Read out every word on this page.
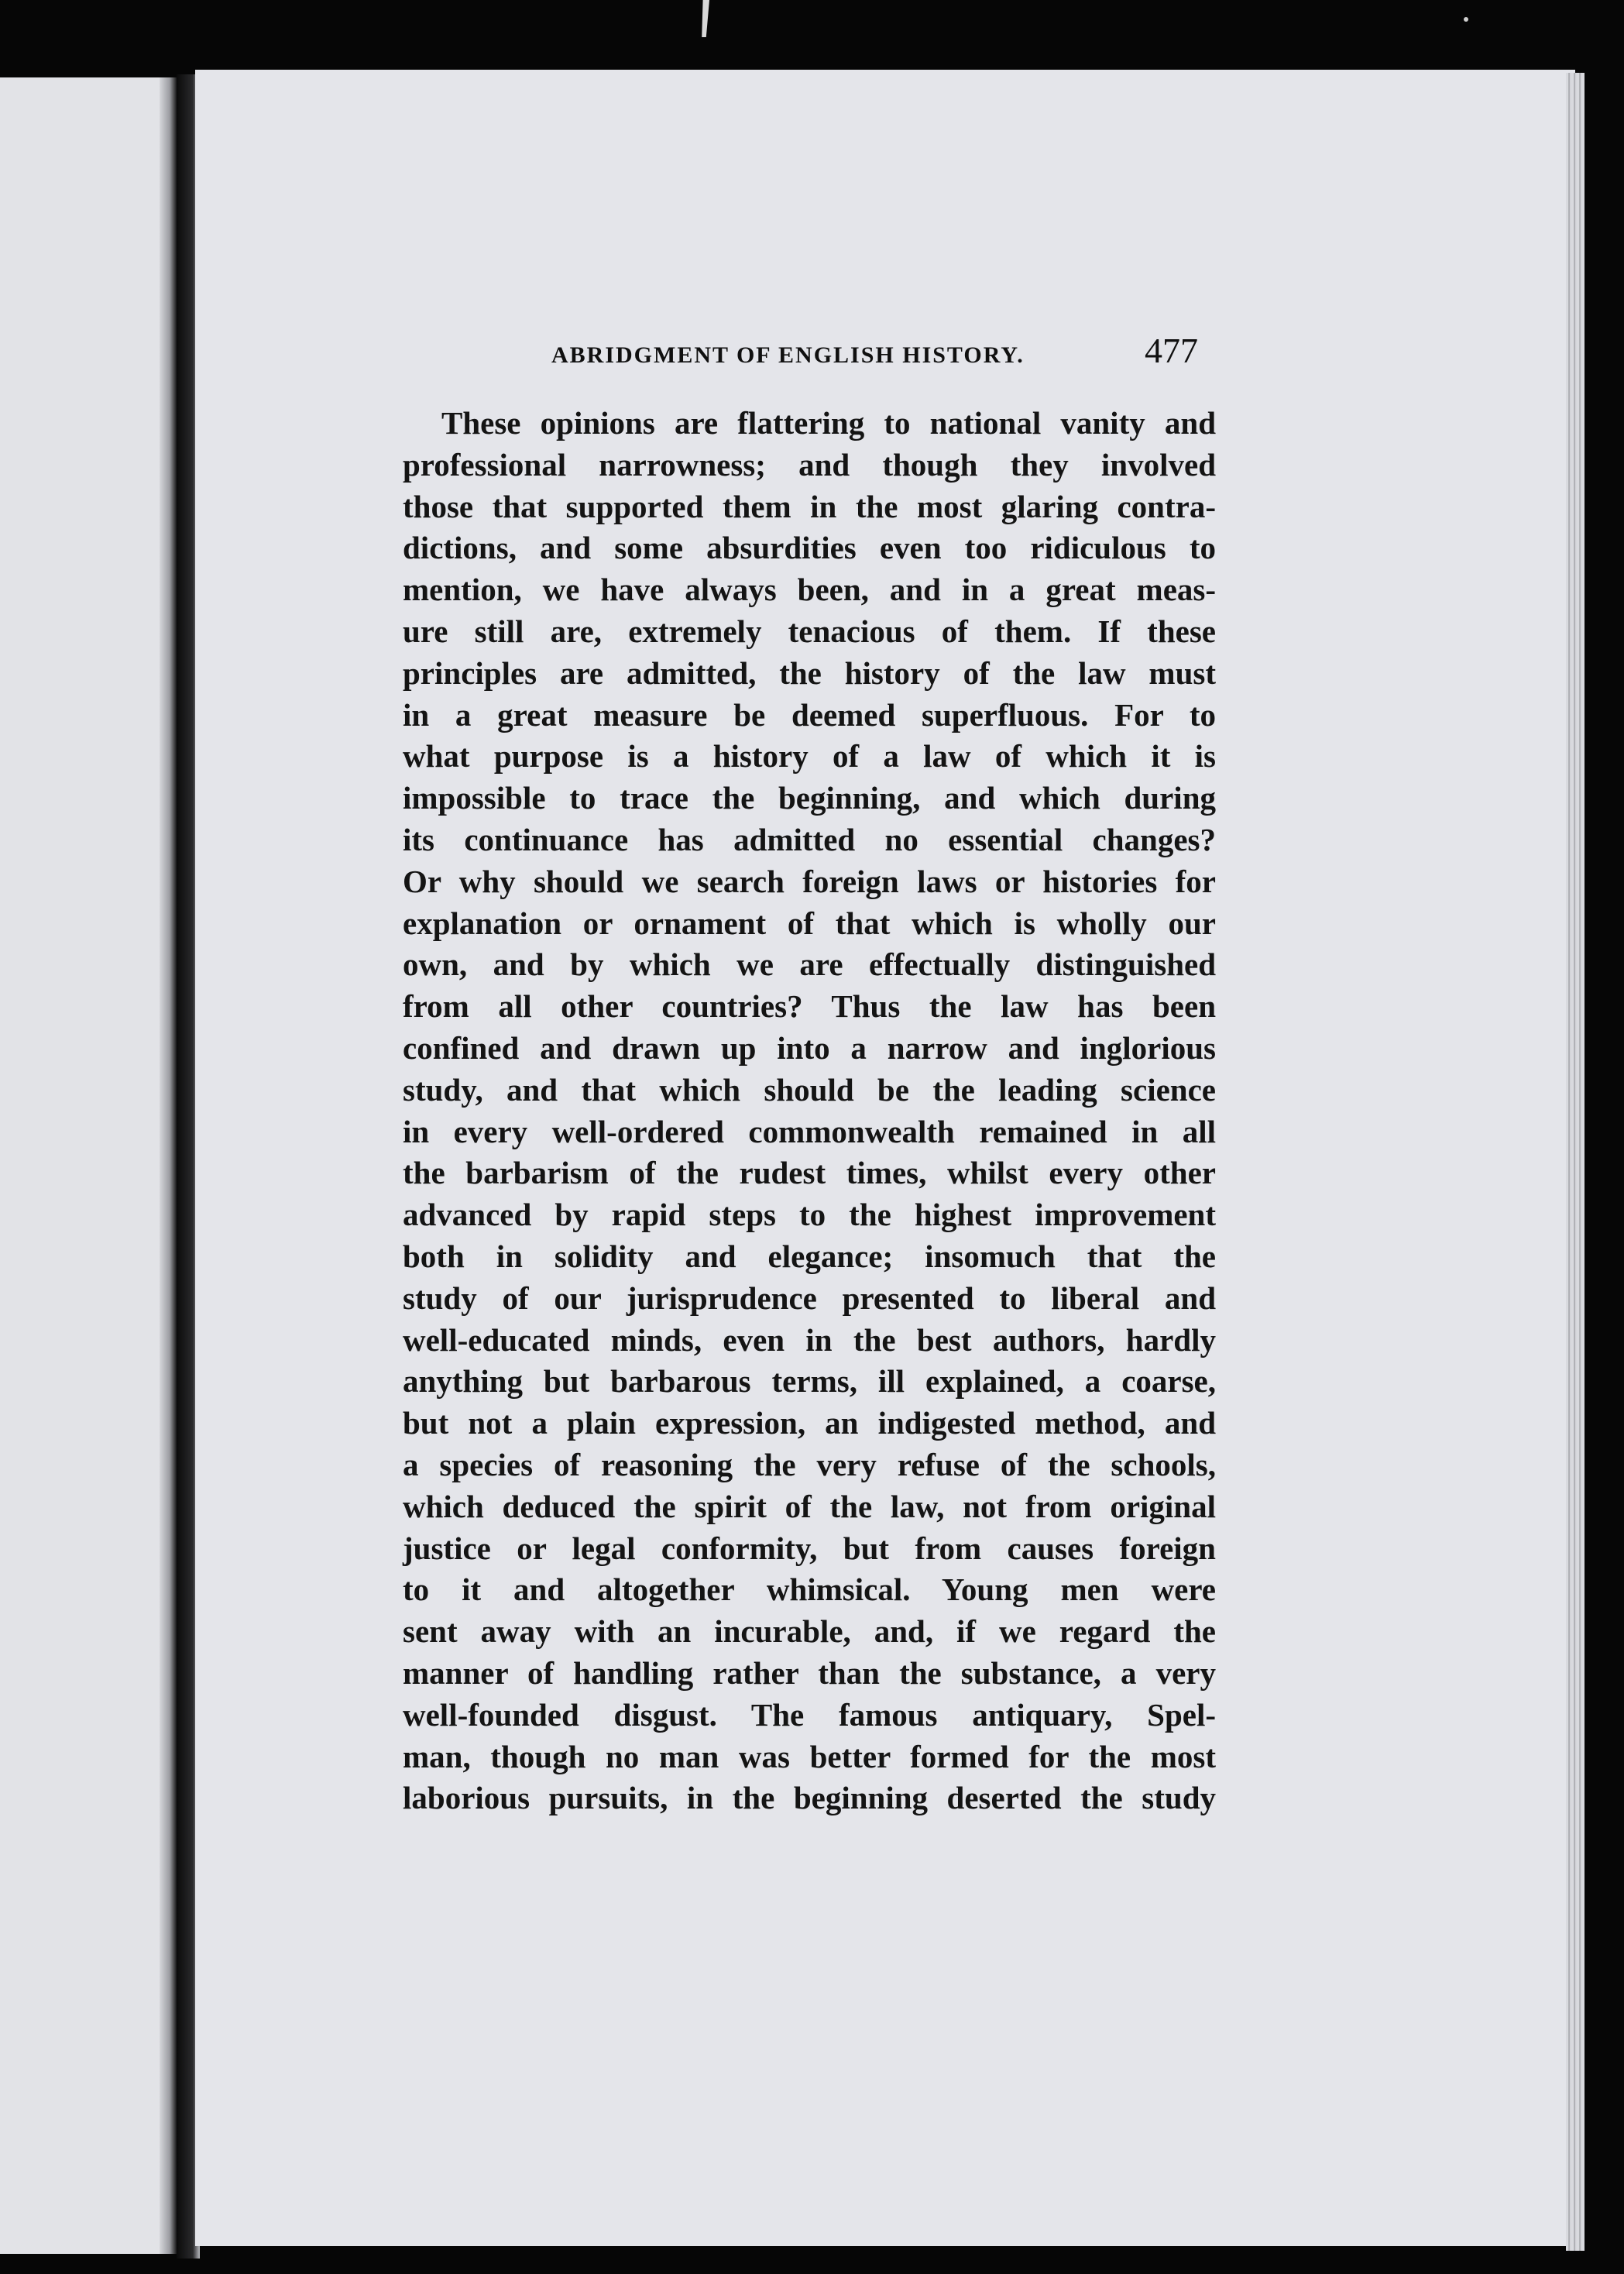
ABRIDGMENT OF ENGLISH HISTORY.	477
These opinions are flattering to national vanity and
professional narrowness; and though they involved
those that supported them in the most glaring contra-
dictions, and some absurdities even too ridiculous to
mention, we have always been, and in a great meas-
ure still are, extremely tenacious of them. If these
principles are admitted, the history of the law must
in a great measure be deemed superfluous. For to
what purpose is a history of a law of which it is
impossible to trace the beginning, and which during
its continuance has admitted no essential changes?
Or why should we search foreign laws or histories for
explanation or ornament of that which is wholly our
own, and by which we are effectually distinguished
from all other countries? Thus the law has been
confined and drawn up into a narrow and inglorious
study, and that which should be the leading science
in every well-ordered commonwealth remained in all
the barbarism of the rudest times, whilst every other
advanced by rapid steps to the highest improvement
both in solidity and elegance; insomuch that the
study of our jurisprudence presented to liberal and
well-educated minds, even in the best authors, hardly
anything but barbarous terms, ill explained, a coarse,
but not a plain expression, an indigested method, and
a species of reasoning the very refuse of the schools,
which deduced the spirit of the law, not from original
justice or legal conformity, but from causes foreign
to it and altogether whimsical. Young men were
sent away with an incurable, and, if we regard the
manner of handling rather than the substance, a very
well-founded disgust. The famous antiquary, Spel-
man, though no man was better formed for the most
laborious pursuits, in the beginning deserted the study
